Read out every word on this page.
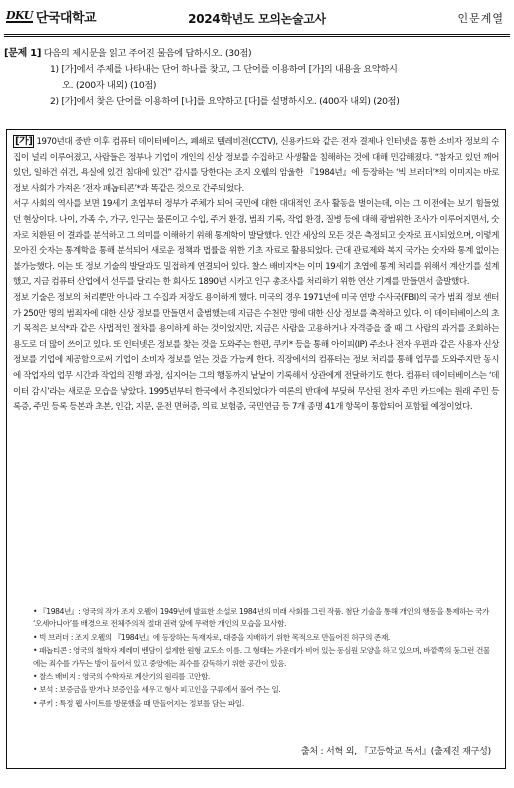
DKU 단국대학교	2024학년도 모의논술고사	인문계열
[문제 1] 다음의 제시문을 읽고 주어진 물음에 답하시오. (30점)
1) [가]에서 주제를 나타내는 단어 하나를 찾고, 그 단어를 이용하여 [가]의 내용을 요약하시
오. (200자 내외) (10점)
2) [가]에서 찾은 단어를 이용하여 [나]를 요약하고 [다]를 설명하시오. (400자 내외) (20점)

[가] 1970년대 중반 이후 컴퓨터 데이터베이스, 폐쇄로 텔레비전(CCTV), 신용카드와 같은 전자 결제나 인터넷을 통한 소비자 정보의 수집이 널리 이루어졌고, 사람들은 정부나 기업이 개인의 신상 정보를 수집하고 사생활을 침해하는 것에 대해 민감해졌다. “참자고 있던 깨어 있던, 일하건 쉬건, 욕실에 있건 침대에 있건” 감시를 당한다는 조지 오웰의 암울한 『1984년』에 등장하는 ‘빅 브러더’*의 이미지는 바로 정보 사회가 가져온 ‘전자 패놉티콘’*과 똑같은 것으로 간주되었다.

서구 사회의 역사를 보면 19세기 초엽부터 정부가 주체가 되어 국민에 대한 대대적인 조사 활동을 벌이는데, 이는 그 이전에는 보기 힘들었던 현상이다. 나이, 가족 수, 가구, 인구는 물론이고 수입, 주거 환경, 범죄 기록, 작업 환경, 질병 등에 대해 광범위한 조사가 이루어지면서, 숫자로 치환된 이 결과를 분석하고 그 의미를 이해하기 위해 통계학이 발달했다. 인간 세상의 모든 것은 측정되고 숫자로 표시되었으며, 이렇게 모아진 숫자는 통계학을 통해 분석되어 새로운 정책과 법률을 위한 기초 자료로 활용되었다. 근대 관료제와 복지 국가는 숫자와 통계 없이는 불가능했다. 이는 또 정보 기술의 발달과도 밀접하게 연결되어 있다. 찰스 배비지*는 이미 19세기 초엽에 통계 처리를 위해서 계산기를 설계했고, 지금 컴퓨터 산업에서 선두를 달리는 한 회사도 1890년 시카고 인구 총조사를 처리하기 위한 연산 기계를 만들면서 출발했다.

정보 기술은 정보의 처리뿐만 아니라 그 수집과 저장도 용이하게 했다. 미국의 경우 1971년에 미국 연방 수사국(FBI)의 국가 범죄 정보 센터가 250만 명의 범죄자에 대한 신상 정보를 만들면서 출범했는데 지금은 수천만 명에 대한 신상 정보를 축적하고 있다. 이 데이터베이스의 초기 목적은 보석*과 같은 사법적인 절차를 용이하게 하는 것이었지만, 지금은 사람을 고용하거나 자격증을 줄 때 그 사람의 과거를 조회하는 용도로 더 많이 쓰이고 있다. 또 인터넷은 정보를 찾는 것을 도와주는 한편, 쿠키* 등을 통해 아이피(IP) 주소나 전자 우편과 같은 사용자 신상 정보를 기업에 제공함으로써 기업이 소비자 정보를 얻는 것을 가능케 한다. 직장에서의 컴퓨터는 정보 처리를 통해 업무를 도와주지만 동시에 작업자의 업무 시간과 작업의 진행 과정, 심지어는 그의 행동까지 낱낱이 기록해서 상관에게 전달하기도 한다. 컴퓨터 데이터베이스는 ‘데이터 감시’라는 새로운 모습을 낳았다. 1995년부터 한국에서 추진되었다가 여론의 반대에 부딪혀 무산된 전자 주민 카드에는 원래 주민 등록증, 주민 등록 등본과 초본, 인감, 지문, 운전 면허증, 의료 보험증, 국민연금 등 7개 종명 41개 항목이 통합되어 포함될 예정이었다.

• 『1984년』: 영국의 작가 조지 오웰이 1949년에 발표한 소설로 1984년의 미래 사회를 그린 작품. 첨단 기술을 통해 개인의 행동을 통제하는 국가 ‘오세아니아’를 배경으로 전체주의적 절대 권력 앞에 무력한 개인의 모습을 묘사함.

• 빅 브러더 : 조지 오웰의 『1984년』에 등장하는 독재자로, 대중을 지배하기 위한 목적으로 만들어진 허구의 존재.

• 패놉티콘 : 영국의 철학자 제레미 벤담이 설계한 원형 교도소 이름. 그 형태는 가운데가 비어 있는 동심원 모양을 하고 있으며, 바깥쪽의 둥그런 건물에는 죄수를 가두는 방이 들어서 있고 중앙에는 죄수를 감독하기 위한 공간이 있음.

• 찰스 배비지 : 영국의 수학자로 계산기의 원리를 고안함.

• 보석 : 보증금을 받거나 보증인을 세우고 형사 피고인을 구류에서 풀어 주는 일.

• 쿠키 : 특정 웹 사이트를 방문했을 때 만들어지는 정보를 담는 파일.

출처 : 서혁 외, 『고등학교 독서』(출제진 재구성)
